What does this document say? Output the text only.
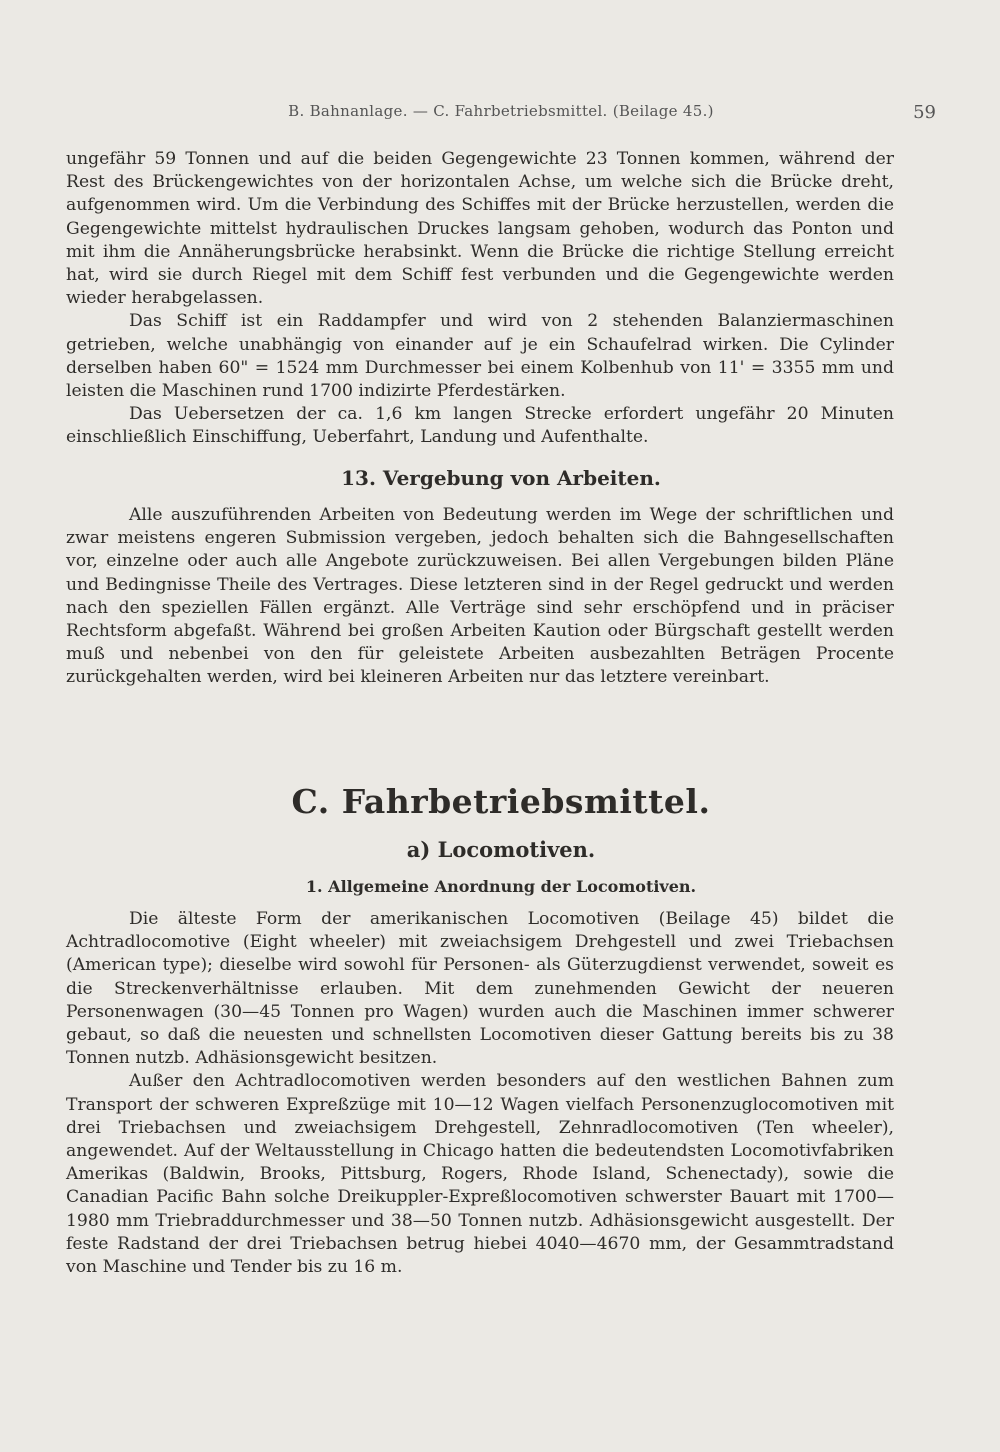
B. Bahnanlage. — C. Fahrbetriebsmittel. (Beilage 45.)	59

ungefähr 59 Tonnen und auf die beiden Gegengewichte 23 Tonnen kommen, während der Rest des Brückengewichtes von der horizontalen Achse, um welche sich die Brücke dreht, aufgenommen wird. Um die Verbindung des Schiffes mit der Brücke herzustellen, werden die Gegengewichte mittelst hydraulischen Druckes langsam gehoben, wodurch das Ponton und mit ihm die Annäherungsbrücke herabsinkt. Wenn die Brücke die richtige Stellung erreicht hat, wird sie durch Riegel mit dem Schiff fest verbunden und die Gegengewichte werden wieder herabgelassen.

Das Schiff ist ein Raddampfer und wird von 2 stehenden Balanziermaschinen getrieben, welche unabhängig von einander auf je ein Schaufelrad wirken. Die Cylinder derselben haben 60" = 1524 mm Durchmesser bei einem Kolbenhub von 11' = 3355 mm und leisten die Maschinen rund 1700 indizirte Pferdestärken.

Das Uebersetzen der ca. 1,6 km langen Strecke erfordert ungefähr 20 Minuten einschließlich Einschiffung, Ueberfahrt, Landung und Aufenthalte.

13. Vergebung von Arbeiten.

Alle auszuführenden Arbeiten von Bedeutung werden im Wege der schriftlichen und zwar meistens engeren Submission vergeben, jedoch behalten sich die Bahngesellschaften vor, einzelne oder auch alle Angebote zurückzuweisen. Bei allen Vergebungen bilden Pläne und Bedingnisse Theile des Vertrages. Diese letzteren sind in der Regel gedruckt und werden nach den speziellen Fällen ergänzt. Alle Verträge sind sehr erschöpfend und in präciser Rechtsform abgefaßt. Während bei großen Arbeiten Kaution oder Bürgschaft gestellt werden muß und nebenbei von den für geleistete Arbeiten ausbezahlten Beträgen Procente zurückgehalten werden, wird bei kleineren Arbeiten nur das letztere vereinbart.

C. Fahrbetriebsmittel.
a) Locomotiven.
1. Allgemeine Anordnung der Locomotiven.

Die älteste Form der amerikanischen Locomotiven (Beilage 45) bildet die Achtradlocomotive (Eight wheeler) mit zweiachsigem Drehgestell und zwei Triebachsen (American type); dieselbe wird sowohl für Personen- als Güterzugdienst verwendet, soweit es die Streckenverhältnisse erlauben. Mit dem zunehmenden Gewicht der neueren Personenwagen (30—45 Tonnen pro Wagen) wurden auch die Maschinen immer schwerer gebaut, so daß die neuesten und schnellsten Locomotiven dieser Gattung bereits bis zu 38 Tonnen nutzb. Adhäsionsgewicht besitzen.

Außer den Achtradlocomotiven werden besonders auf den westlichen Bahnen zum Transport der schweren Expreßzüge mit 10—12 Wagen vielfach Personenzuglocomotiven mit drei Triebachsen und zweiachsigem Drehgestell, Zehnradlocomotiven (Ten wheeler), angewendet. Auf der Weltausstellung in Chicago hatten die bedeutendsten Locomotivfabriken Amerikas (Baldwin, Brooks, Pittsburg, Rogers, Rhode Island, Schenectady), sowie die Canadian Pacific Bahn solche Dreikuppler-Expreßlocomotiven schwerster Bauart mit 1700—1980 mm Triebraddurchmesser und 38—50 Tonnen nutzb. Adhäsionsgewicht ausgestellt. Der feste Radstand der drei Triebachsen betrug hiebei 4040—4670 mm, der Gesammtradstand von Maschine und Tender bis zu 16 m.
